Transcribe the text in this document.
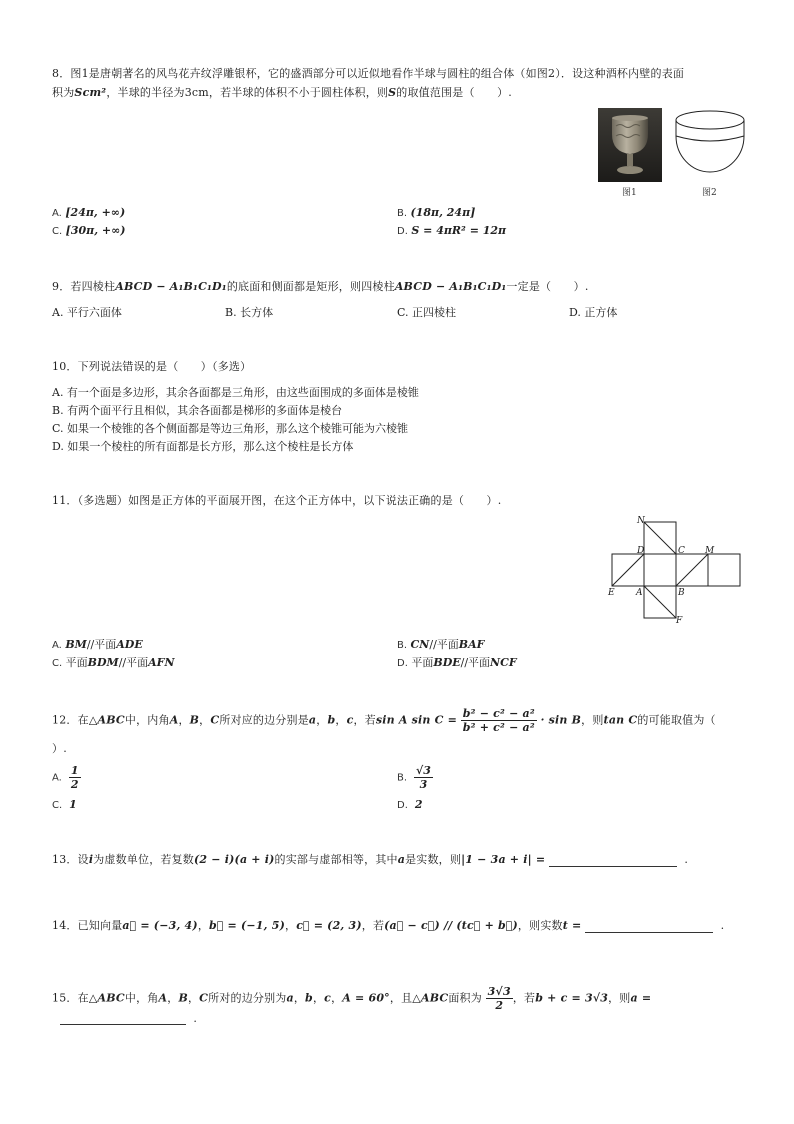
8．图1是唐朝著名的风鸟花卉纹浮雕银杯，它的盛酒部分可以近似地看作半球与圆柱的组合体（如图2）．设这种酒杯内壁的表面
积为Scm²，半球的半径为3cm，若半球的体积不小于圆柱体积，则S的取值范围是（　　）.
图1	图2
A. [24π, +∞)	B. (18π, 24π]
C. [30π, +∞)	D. S = 4πR² = 12π
9．若四棱柱ABCD − A₁B₁C₁D₁的底面和侧面都是矩形，则四棱柱ABCD − A₁B₁C₁D₁一定是（　　）.
A. 平行六面体	B. 长方体	C. 正四棱柱	D. 正方体
10．下列说法错误的是（　　）（多选）
A. 有一个面是多边形，其余各面都是三角形，由这些面围成的多面体是棱锥
B. 有两个面平行且相似，其余各面都是梯形的多面体是棱台
C. 如果一个棱锥的各个侧面都是等边三角形，那么这个棱锥可能为六棱锥
D. 如果一个棱柱的所有面都是长方形，那么这个棱柱是长方体
11．（多选题）如图是正方体的平面展开图，在这个正方体中，以下说法正确的是（　　）.
N
D	C M
E A	B
F
A. BM//平面ADE	B. CN//平面BAF
C. 平面BDM//平面AFN	D. 平面BDE//平面NCF
12．在△ABC中，内角A，B，C所对应的边分别是a，b，c，若sin A $\sin C = \frac{\text{b² − c² − a²}}{\text{b² + c² − a²}} \cdot \sin B$，则tan C的可能取值为（
）.
A. $\frac{1}{2}$	B. $\frac{√3}{3}$
C. 1	D. 2
13．设i为虚数单位，若复数(2 − i)(a + i)的实部与虚部相等，其中a是实数，则|1 − 3a + i| =	.
14．已知向量a⃗ = (−3, 4)，b⃗ = (−1, 5)，c⃗ = (2, 3)，若(a⃗ − c⃗) // (tc⃗ + b⃗)，则实数t =	.
15．在△ABC中，角A，B，C所对的边分别为a，b，c，A = 60°，且△ABC面积为 $\frac{3√3}{2}$ ，若b + c = 3√3，则a =
.
